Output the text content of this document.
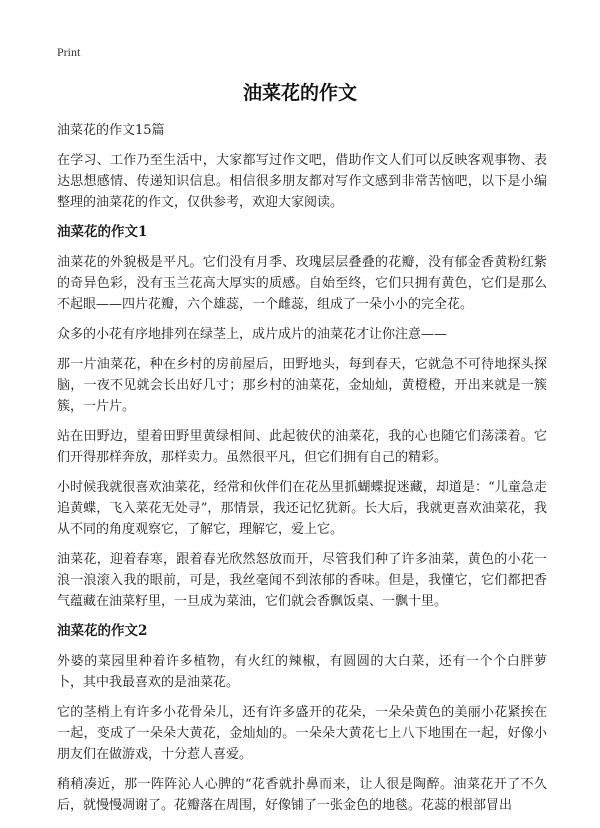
Print
油菜花的作文

油菜花的作文15篇

在学习、工作乃至生活中，大家都写过作文吧，借助作文人们可以反映客观事物、表达思想感情、传递知识信息。相信很多朋友都对写作文感到非常苦恼吧，以下是小编整理的油菜花的作文，仅供参考，欢迎大家阅读。

油菜花的作文1

油菜花的外貌极是平凡。它们没有月季、玫瑰层层叠叠的花瓣，没有郁金香黄粉红紫的奇异色彩，没有玉兰花高大厚实的质感。自始至终，它们只拥有黄色，它们是那么不起眼——四片花瓣，六个雄蕊，一个雌蕊，组成了一朵小小的完全花。

众多的小花有序地排列在绿茎上，成片成片的油菜花才让你注意——

那一片油菜花，种在乡村的房前屋后，田野地头，每到春天，它就急不可待地探头探脑，一夜不见就会长出好几寸；那乡村的油菜花，金灿灿，黄橙橙，开出来就是一簇簇，一片片。

站在田野边，望着田野里黄绿相间、此起彼伏的油菜花，我的心也随它们荡漾着。它们开得那样奔放，那样卖力。虽然很平凡，但它们拥有自己的精彩。

小时候我就很喜欢油菜花，经常和伙伴们在花丛里抓蝴蝶捉迷藏，却道是：“儿童急走追黄蝶，飞入菜花无处寻”，那情景，我还记忆犹新。长大后，我就更喜欢油菜花，我从不同的角度观察它，了解它，理解它，爱上它。

油菜花，迎着春寒，跟着春光欣然怒放而开，尽管我们种了许多油菜，黄色的小花一浪一浪滚入我的眼前，可是，我丝毫闻不到浓郁的香味。但是，我懂它，它们都把香气蕴藏在油菜籽里，一旦成为菜油，它们就会香飘饭桌、一飘十里。

油菜花的作文2

外婆的菜园里种着许多植物，有火红的辣椒，有圆圆的大白菜，还有一个个白胖萝卜，其中我最喜欢的是油菜花。

它的茎梢上有许多小花骨朵儿，还有许多盛开的花朵，一朵朵黄色的美丽小花紧挨在一起，变成了一朵朵大黄花，金灿灿的。一朵朵大黄花七上八下地围在一起，好像小朋友们在做游戏，十分惹人喜爱。

稍稍凑近，那一阵阵沁人心脾的“花香就扑鼻而来，让人很是陶醉。油菜花开了不久后，就慢慢凋谢了。花瓣落在周围，好像铺了一张金色的地毯。花蕊的根部冒出
